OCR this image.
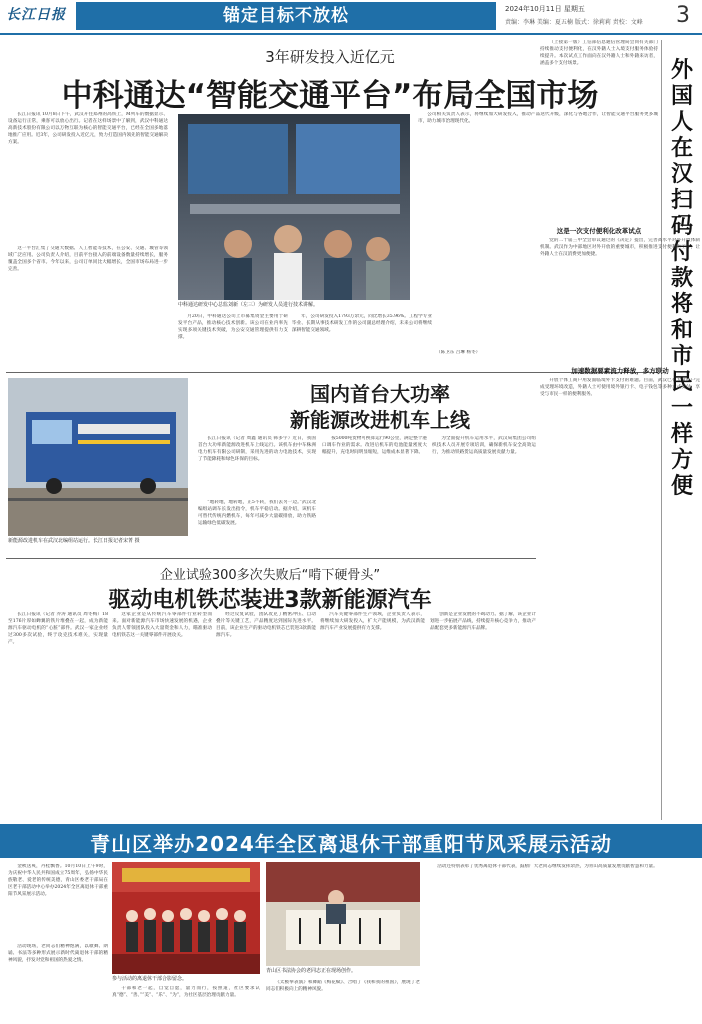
长江日报	锚定目标不放松	2024年10月11日 星期五
责编：李琳 美编：夏五楠 版式：徐莉莉 责校：文峰 3
3年研发投入近亿元
中科通达“智能交通平台”布局全国市场

长江日报讯 10月8日下午，武汉开往郑州的高铁上，M列车的数据显示、设备运行正常，乘客可以放心出行。记者在这样场景中了解到，武汉中科通达高新技术股份有限公司以万物互联为核心的智能交通平台，已经在全国多地落地推广应用。近3年，公司研发投入近亿元，致力打造国内领先的智能交通解决方案。

这一平台汇集了交通大数据、人工智能等技术，在公安、交通、城管等领域广泛应用。公司负责人介绍，目前平台接入的前端设备数量持续增长，服务覆盖全国多个省市。今年以来，公司订单同比大幅增长，全国市场布局进一步完善。

中科通达研发中心总监刘新（左三）为研发人员进行技术讲解。

公司相关负责人表示，将继续加大研发投入，推动产品迭代升级，深化与各地合作，让智能交通平台服务更多城市，助力城市治理现代化。

月20日，中科通达公司上市募集资金主要用于研发平台产品，推动核心技术创新。该公司在业内率先实现多项关键技术突破，为公安交通管理提供有力支撑。

年，公司研发投入1793万余元，同比增长35.96%。工程学专业毕业、长期从事技术研发工作的公司副总经理介绍，未来公司将继续深耕智能交通领域。

（陈卫东 吕琳 杨冬）

（上接第一版）工信部信息通信管理局会同有关部门持续推动支付便利化，在汉外籍人士入境支付服务体验持续提升。本次试点工作面向在汉外籍人士和外籍来访者，涵盖多个支付场景。	外国人在汉扫码付款将和市民一样方便
这是一次支付便利化改革试点

党的二十届三中全会审议通过的《决定》提出，完善高水平对外开放体制机制。武汉作为中部地区对外开放的重要城市，积极推进支付便利化工作，让外籍人士在汉消费更加便捷。

加速数据要素流力释放，多方联动

开放个体工商户用发面临境外卡支付的难题。目前，武汉已有大量商户完成受理环境改造，外籍人士可使用境外银行卡、电子钱包等多种方式支付，享受与市民一样的便利服务。

国内首台大功率
新能源改进机车上线
新能源改进机车在武汉北编组站运行。长江日报记者宋菁 摄

长江日报讯（记者 周鑫 通讯员 韩多宇）近日，我国首台大功率新能源改进机车上线运行。该机车由中车株洲电力机车有限公司研制，采用先进的动力电池技术，实现了节能降耗和绿色环保的目标。

“地转地，地转地，正5不转，我们去另一边。”武汉北编组站调车长发出指令，机车平稳启动。据介绍，该机车可替代传统内燃机车，每年可减少大量碳排放，助力铁路运输绿色低碳发展。

按5000吨货物可换算运行90公里，满足整个港口调车作业的需求。改进后机车的电池能量密度大幅提升，充电时间明显缩短，运维成本显著下降。

为全面提升机车运用水平，武汉局集团公司组织技术人员开展专项培训，确保新机车安全高效运行，为推动铁路货运高质量发展贡献力量。

企业试验300多次失败后“啃下硬骨头”
驱动电机铁芯装进3款新能源汽车

长江日报讯（记者 乔涛 通讯员 周冬梅）18至176片厚如蝉翼的铁片堆叠在一起，成为新能源汽车驱动电机的“心脏”部件。武汉一家企业经过300多次试验，终于攻克技术难关，实现量产。

这家企业是从传统汽车零部件行业转型而来。面对新能源汽车市场快速发展的机遇，企业负责人带领团队投入大量资金和人力，瞄准驱动电机铁芯这一关键零部件开展攻关。

经过反复试验，团队攻克了精密冲压、自动叠片等关键工艺，产品精度达到国际先进水平。目前，该企业生产的驱动电机铁芯已装进3款新能源汽车。

汽车关键零部件生产领域，企业负责人表示，将继续加大研发投入，扩大产能规模，为武汉新能源汽车产业发展提供有力支撑。

创新是企业发展的不竭动力。据了解，该企业计划进一步拓展产品线，持续提升核心竞争力，推动产品配套更多新能源汽车品牌。

青山区举办2024年全区离退休干部重阳节风采展示活动

金秋送爽，丹桂飘香。10月10日上午9时，为庆祝中华人民共和国成立75周年，弘扬中华民族敬老、爱老的传统美德，青山区委老干部局在区老干部活动中心举办2024年全区离退休干部重阳节风采展示活动。

活动现场，老同志们精神饱满，以歌舞、朗诵、书法等多种形式展示新时代离退休干部的精神风貌，抒发对党和祖国的热爱之情。

参与活动的离退休干部合影留念。

干部和老一起，自觉自愿，量力而行，按照道，社区要求认真“德”、“善、”“美”、“乐”、“为”，为社区基层治理贡献力量。

青山区书法协会的老同志正在现场创作。

《太极拳表演》和舞蹈《梅花赋》、合唱了《我和我的祖国》，展现了老同志们积极向上的精神风貌。

活动还特别表彰了优秀离退休干部代表，鼓励广大老同志继续发挥余热，为青山高质量发展贡献智慧和力量。
